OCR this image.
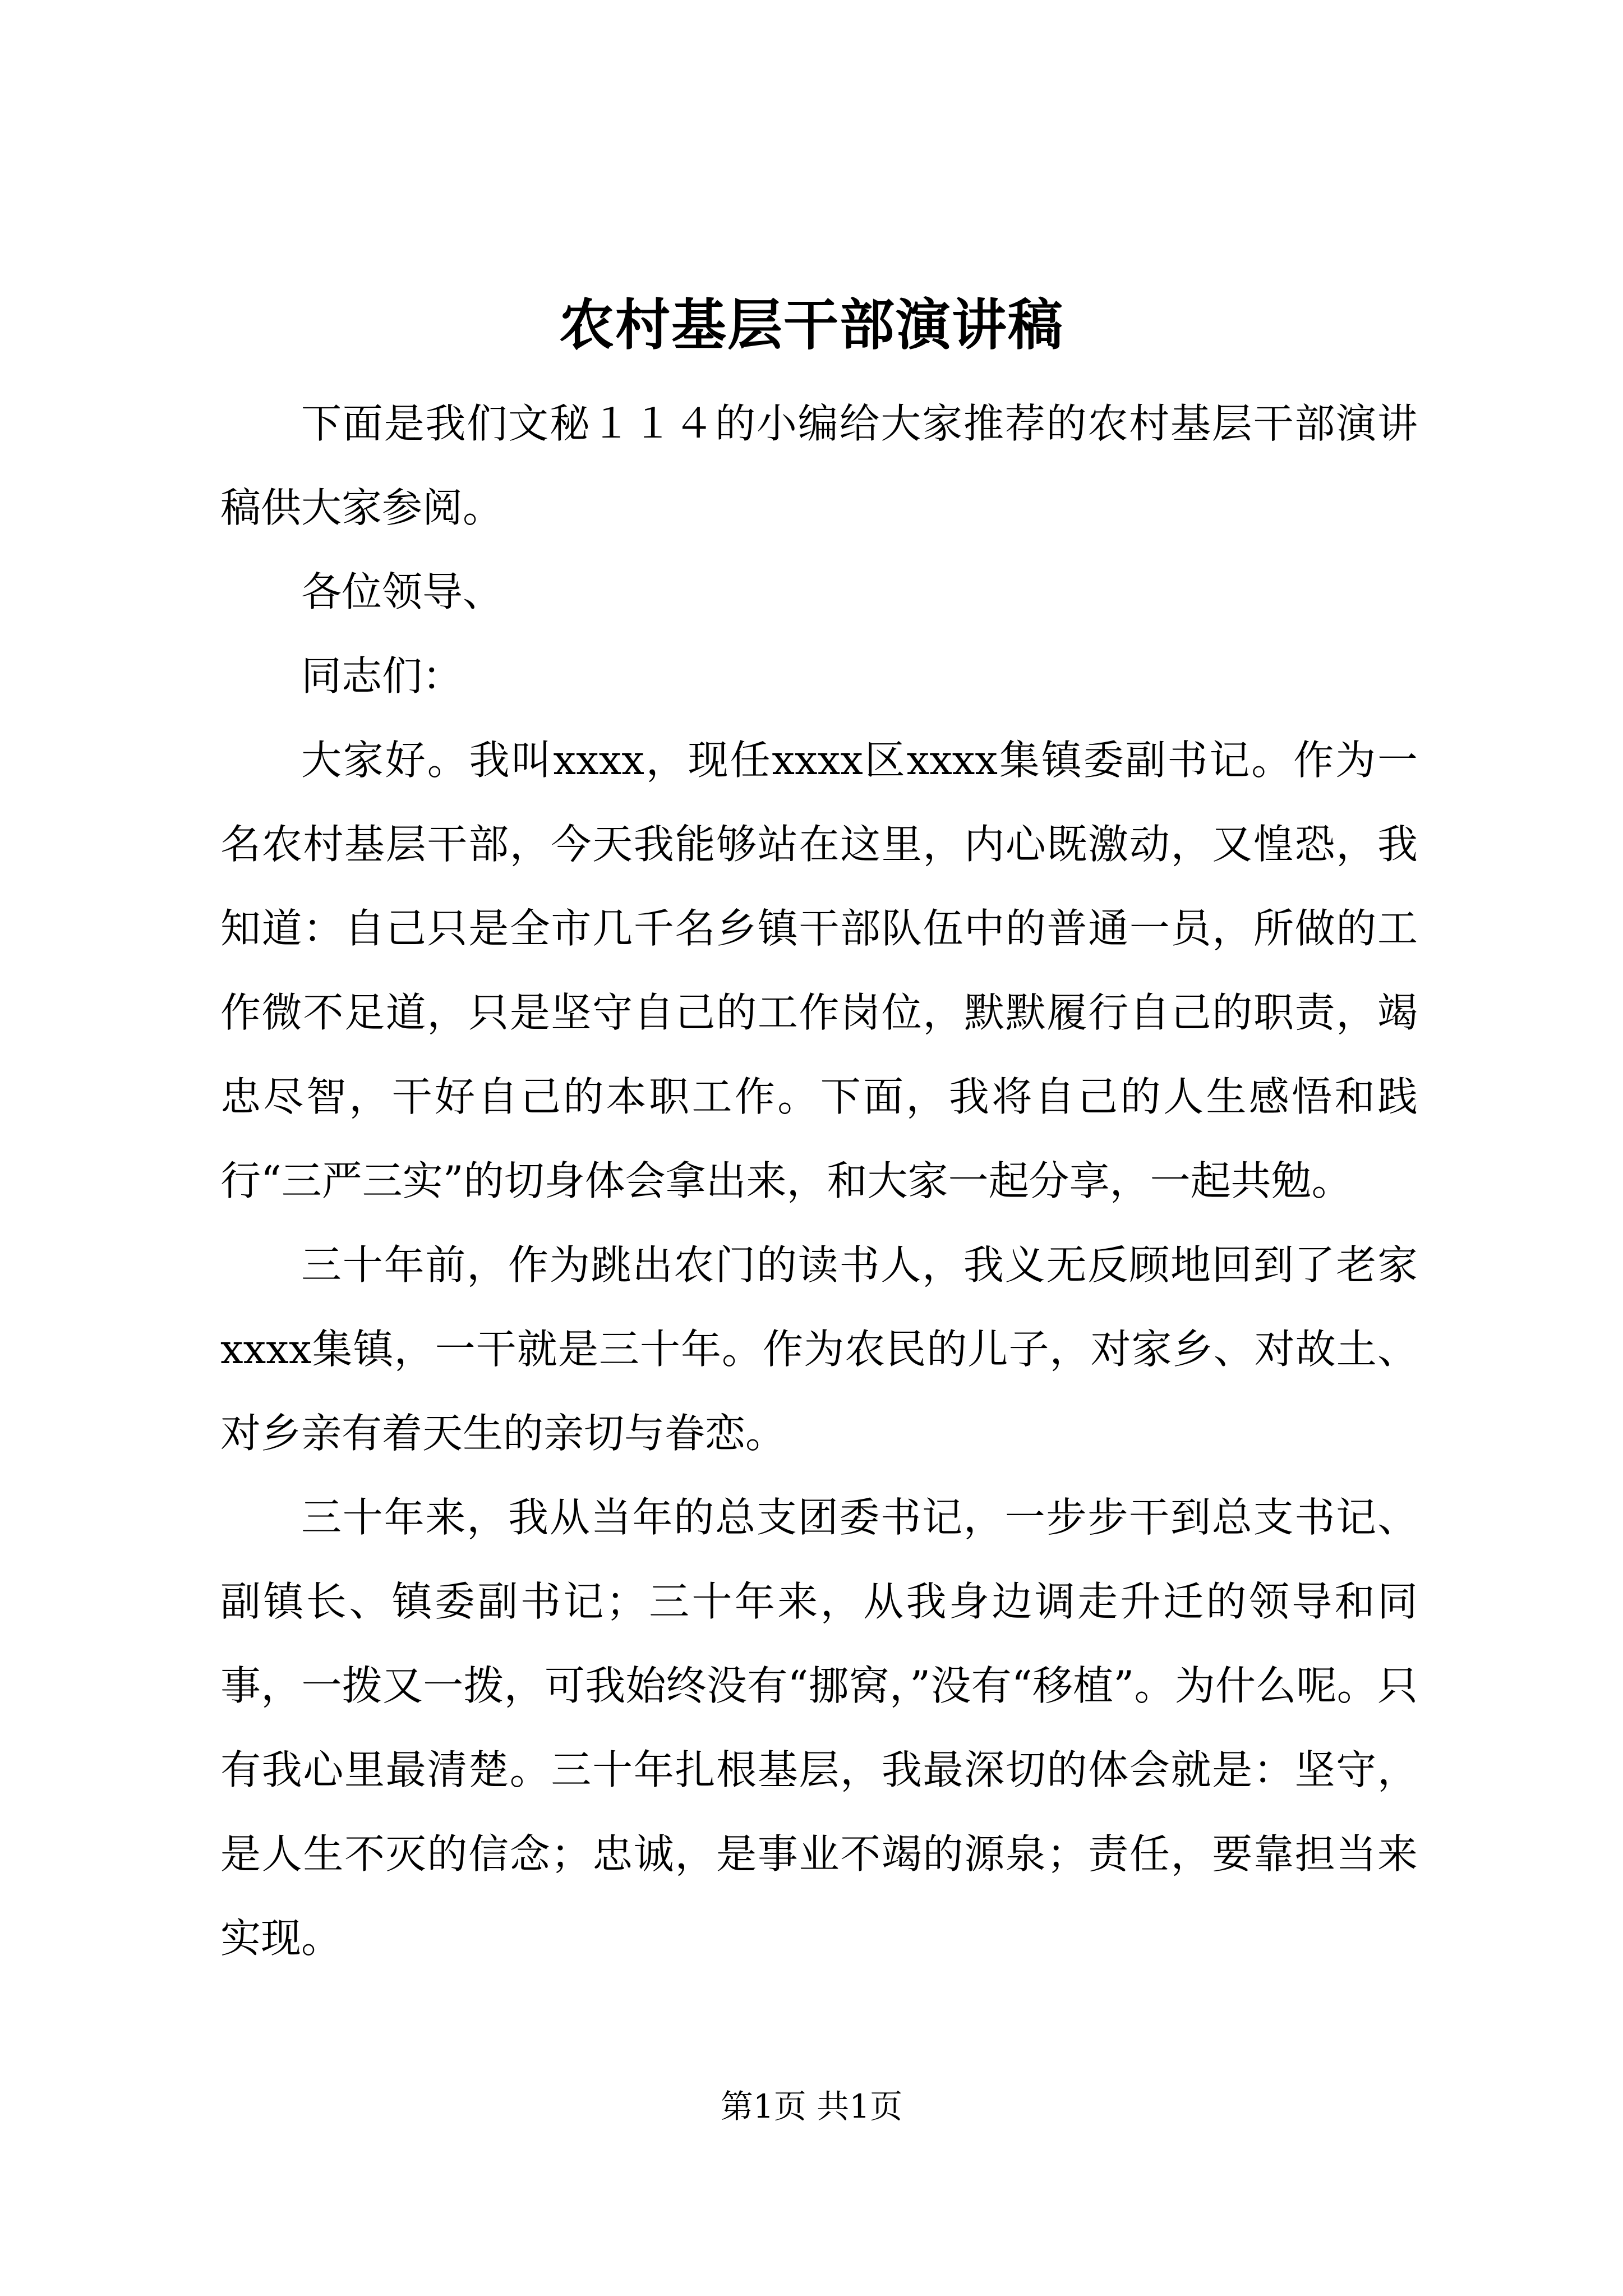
农村基层干部演讲稿

下面是我们文秘１１４的小编给大家推荐的农村基层干部演讲稿供大家参阅。

各位领导、

同志们：

大家好。我叫xxxx，现任xxxx区xxxx集镇委副书记。作为一名农村基层干部，今天我能够站在这里，内心既激动，又惶恐，我知道：自己只是全市几千名乡镇干部队伍中的普通一员，所做的工作微不足道，只是坚守自己的工作岗位，默默履行自己的职责，竭忠尽智，干好自己的本职工作。下面，我将自己的人生感悟和践行“三严三实”的切身体会拿出来，和大家一起分享，一起共勉。

三十年前，作为跳出农门的读书人，我义无反顾地回到了老家xxxx集镇，一干就是三十年。作为农民的儿子，对家乡、对故土、对乡亲有着天生的亲切与眷恋。

三十年来，我从当年的总支团委书记，一步步干到总支书记、副镇长、镇委副书记；三十年来，从我身边调走升迁的领导和同事，一拨又一拨，可我始终没有“挪窝，”没有“移植”。为什么呢。只有我心里最清楚。三十年扎根基层，我最深切的体会就是：坚守，是人生不灭的信念；忠诚，是事业不竭的源泉；责任，要靠担当来实现。

第1页 共1页
